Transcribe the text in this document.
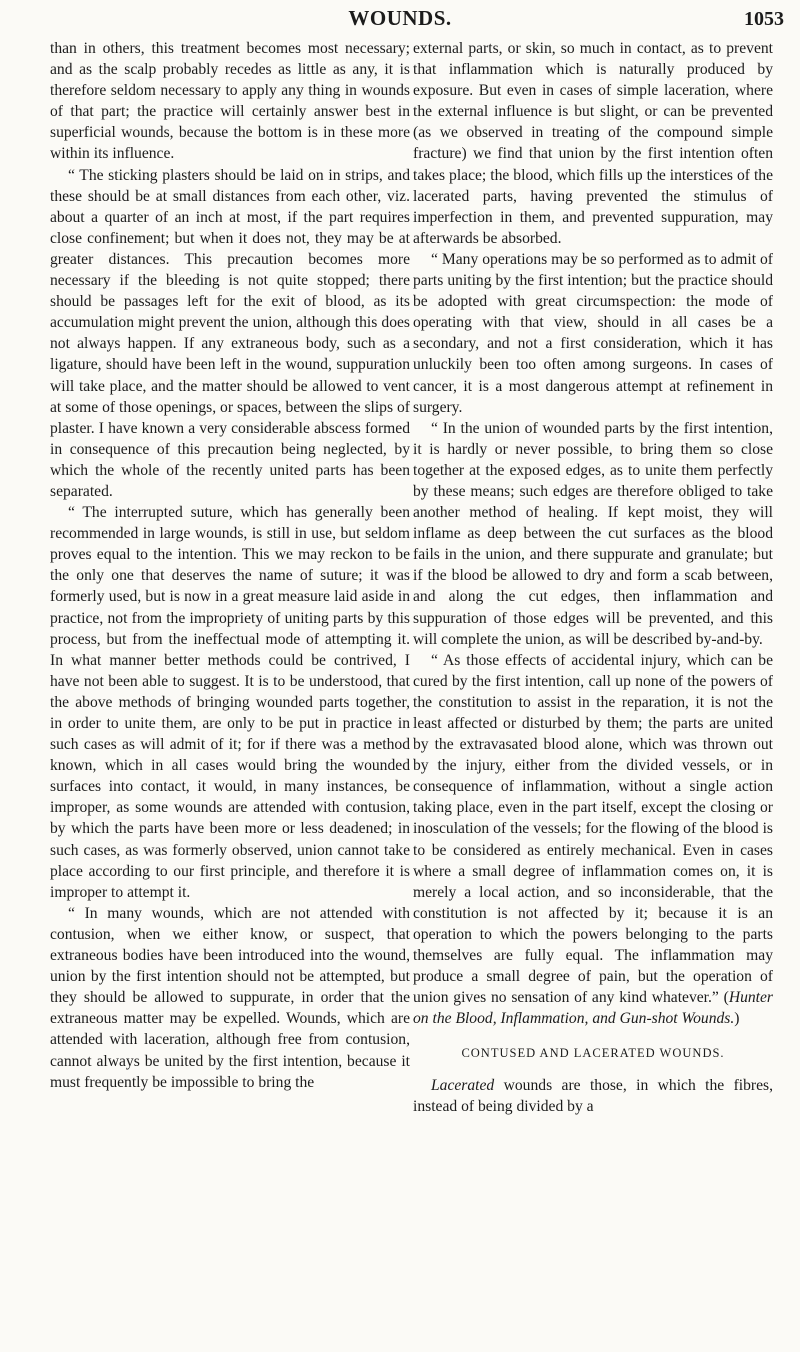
WOUNDS.	1053

than in others, this treatment becomes most necessary; and as the scalp probably recedes as little as any, it is therefore seldom necessary to apply any thing in wounds of that part; the practice will certainly answer best in superficial wounds, because the bottom is in these more within its influence.

“ The sticking plasters should be laid on in strips, and these should be at small distances from each other, viz. about a quarter of an inch at most, if the part requires close confinement; but when it does not, they may be at greater distances. This precaution becomes more necessary if the bleeding is not quite stopped; there should be passages left for the exit of blood, as its accumulation might prevent the union, although this does not always happen. If any extraneous body, such as a ligature, should have been left in the wound, suppuration will take place, and the matter should be allowed to vent at some of those openings, or spaces, between the slips of plaster. I have known a very considerable abscess formed in consequence of this precaution being neglected, by which the whole of the recently united parts has been separated.

“ The interrupted suture, which has generally been recommended in large wounds, is still in use, but seldom proves equal to the intention. This we may reckon to be the only one that deserves the name of suture; it was formerly used, but is now in a great measure laid aside in practice, not from the impropriety of uniting parts by this process, but from the ineffectual mode of attempting it. In what manner better methods could be contrived, I have not been able to suggest. It is to be understood, that the above methods of bringing wounded parts together, in order to unite them, are only to be put in practice in such cases as will admit of it; for if there was a method known, which in all cases would bring the wounded surfaces into contact, it would, in many instances, be improper, as some wounds are attended with contusion, by which the parts have been more or less deadened; in such cases, as was formerly observed, union cannot take place according to our first principle, and therefore it is improper to attempt it.

“ In many wounds, which are not attended with contusion, when we either know, or suspect, that extraneous bodies have been introduced into the wound, union by the first intention should not be attempted, but they should be allowed to suppurate, in order that the extraneous matter may be expelled. Wounds, which are attended with laceration, although free from contusion, cannot always be united by the first intention, because it must frequently be impossible to bring the

external parts, or skin, so much in contact, as to prevent that inflammation which is naturally produced by exposure. But even in cases of simple laceration, where the external influence is but slight, or can be prevented (as we observed in treating of the compound simple fracture) we find that union by the first intention often takes place; the blood, which fills up the interstices of the lacerated parts, having prevented the stimulus of imperfection in them, and prevented suppuration, may afterwards be absorbed.

“ Many operations may be so performed as to admit of parts uniting by the first intention; but the practice should be adopted with great circumspection: the mode of operating with that view, should in all cases be a secondary, and not a first consideration, which it has unluckily been too often among surgeons. In cases of cancer, it is a most dangerous attempt at refinement in surgery.

“ In the union of wounded parts by the first intention, it is hardly or never possible, to bring them so close together at the exposed edges, as to unite them perfectly by these means; such edges are therefore obliged to take another method of healing. If kept moist, they will inflame as deep between the cut surfaces as the blood fails in the union, and there suppurate and granulate; but if the blood be allowed to dry and form a scab between, and along the cut edges, then inflammation and suppuration of those edges will be prevented, and this will complete the union, as will be described by-and-by.

“ As those effects of accidental injury, which can be cured by the first intention, call up none of the powers of the constitution to assist in the reparation, it is not the least affected or disturbed by them; the parts are united by the extravasated blood alone, which was thrown out by the injury, either from the divided vessels, or in consequence of inflammation, without a single action taking place, even in the part itself, except the closing or inosculation of the vessels; for the flowing of the blood is to be considered as entirely mechanical. Even in cases where a small degree of inflammation comes on, it is merely a local action, and so inconsiderable, that the constitution is not affected by it; because it is an operation to which the powers belonging to the parts themselves are fully equal. The inflammation may produce a small degree of pain, but the operation of union gives no sensation of any kind whatever.” (Hunter on the Blood, Inflammation, and Gun-shot Wounds.)

CONTUSED AND LACERATED WOUNDS.

Lacerated wounds are those, in which the fibres, instead of being divided by a
